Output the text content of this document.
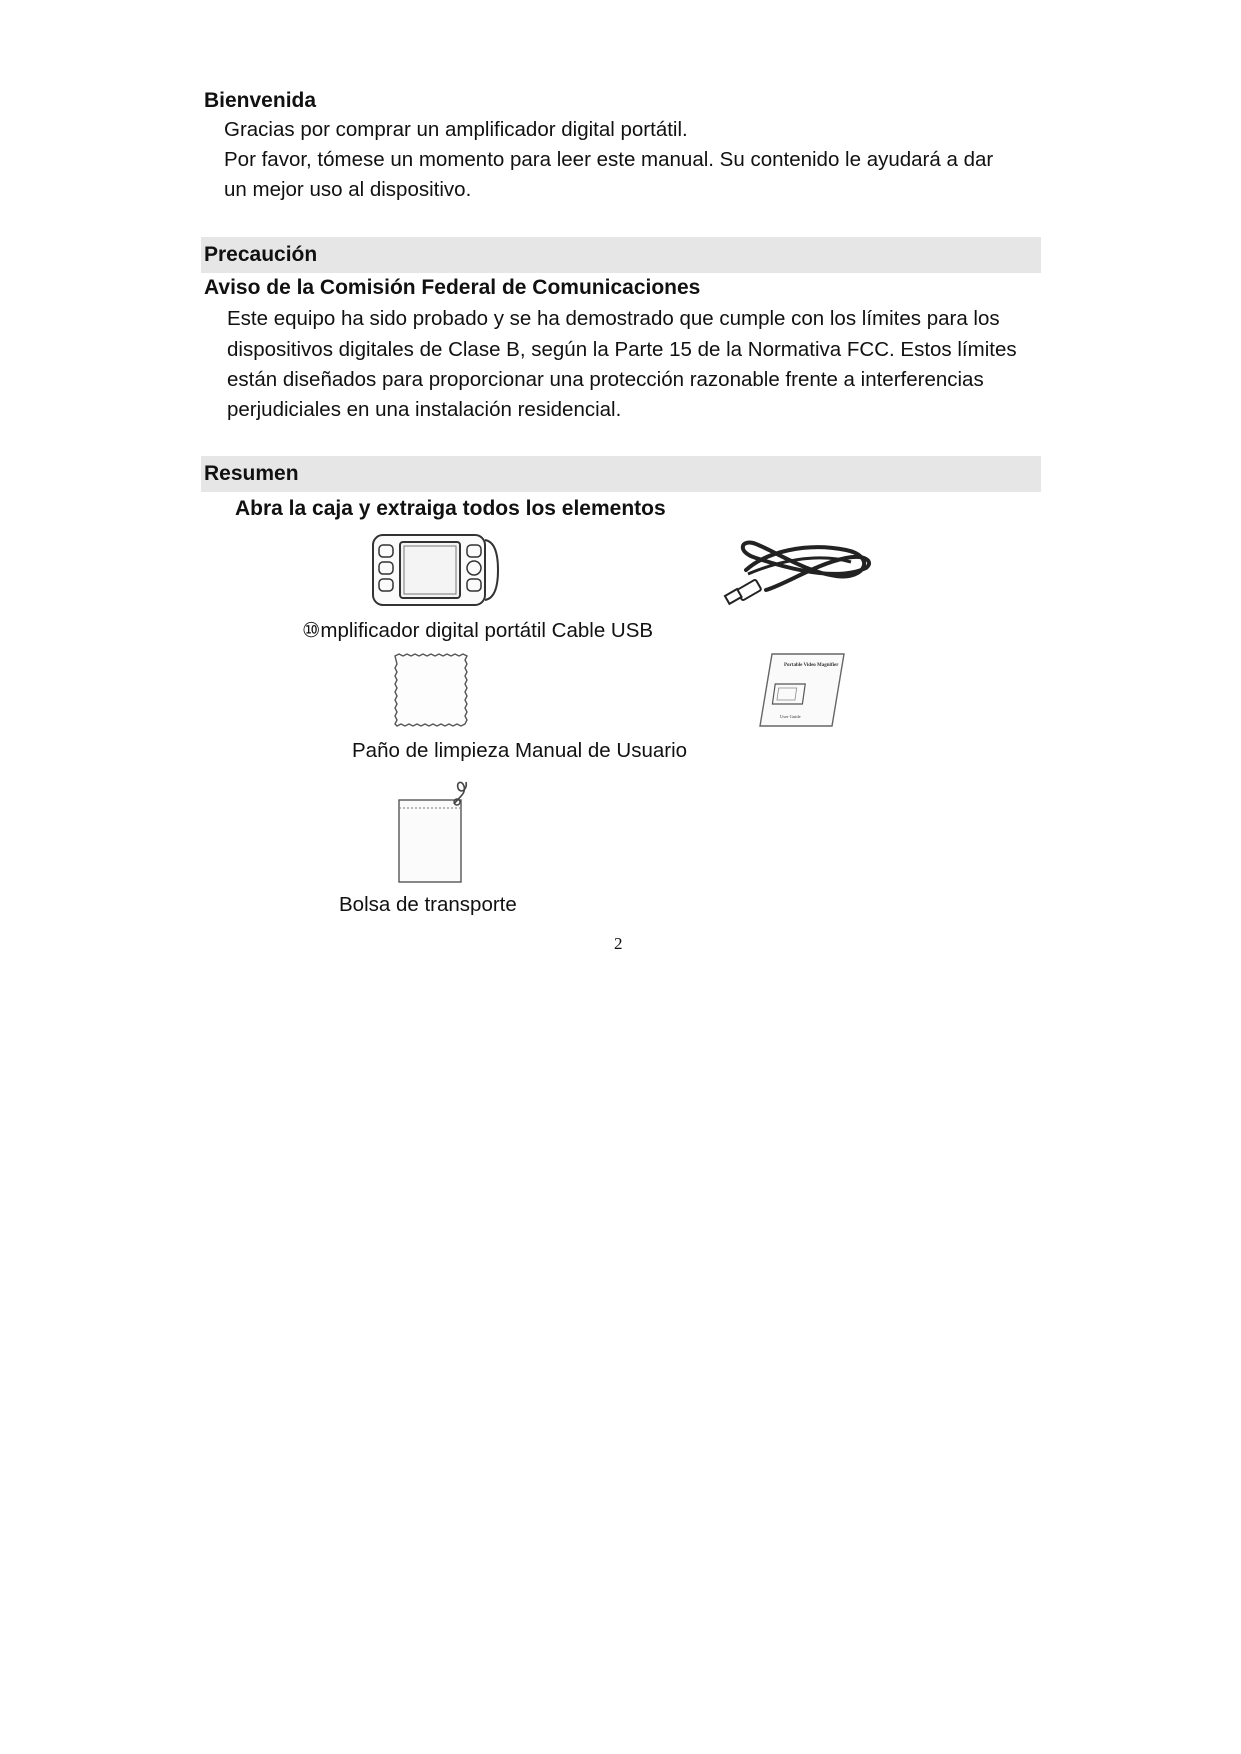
Bienvenida
Gracias por comprar un amplificador digital portátil.
Por favor, tómese un momento para leer este manual. Su contenido le ayudará a dar
un mejor uso al dispositivo.
Precaución
Aviso de la Comisión Federal de Comunicaciones
Este equipo ha sido probado y se ha demostrado que cumple con los límites para los
dispositivos digitales de Clase B, según la Parte 15 de la Normativa FCC. Estos límites
están diseñados para proporcionar una protección razonable frente a interferencias
perjudiciales en una instalación residencial.
Resumen
Abra la caja y extraiga todos los elementos
⑩mplificador digital portátil Cable USB
Portable Video Magnifier
User Guide
Paño de limpieza Manual de Usuario
Bolsa de transporte
2
